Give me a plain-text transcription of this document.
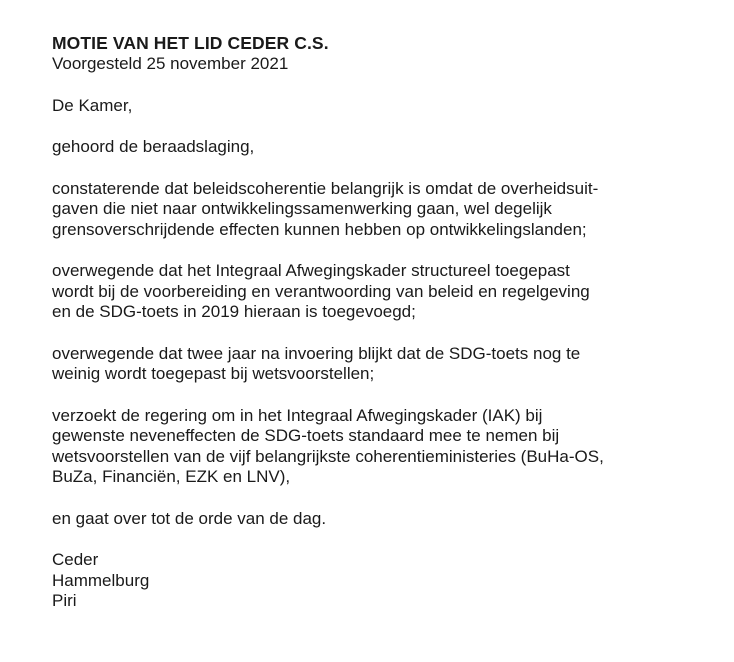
MOTIE VAN HET LID CEDER C.S.

Voorgesteld 25 november 2021

De Kamer,

gehoord de beraadslaging,

constaterende dat beleidscoherentie belangrijk is omdat de overheidsuit-
gaven die niet naar ontwikkelingssamenwerking gaan, wel degelijk
grensoverschrijdende effecten kunnen hebben op ontwikkelingslanden;

overwegende dat het Integraal Afwegingskader structureel toegepast
wordt bij de voorbereiding en verantwoording van beleid en regelgeving
en de SDG-toets in 2019 hieraan is toegevoegd;

overwegende dat twee jaar na invoering blijkt dat de SDG-toets nog te
weinig wordt toegepast bij wetsvoorstellen;

verzoekt de regering om in het Integraal Afwegingskader (IAK) bij
gewenste neveneffecten de SDG-toets standaard mee te nemen bij
wetsvoorstellen van de vijf belangrijkste coherentieministeries (BuHa-OS,
BuZa, Financiën, EZK en LNV),

en gaat over tot de orde van de dag.

Ceder
Hammelburg
Piri
